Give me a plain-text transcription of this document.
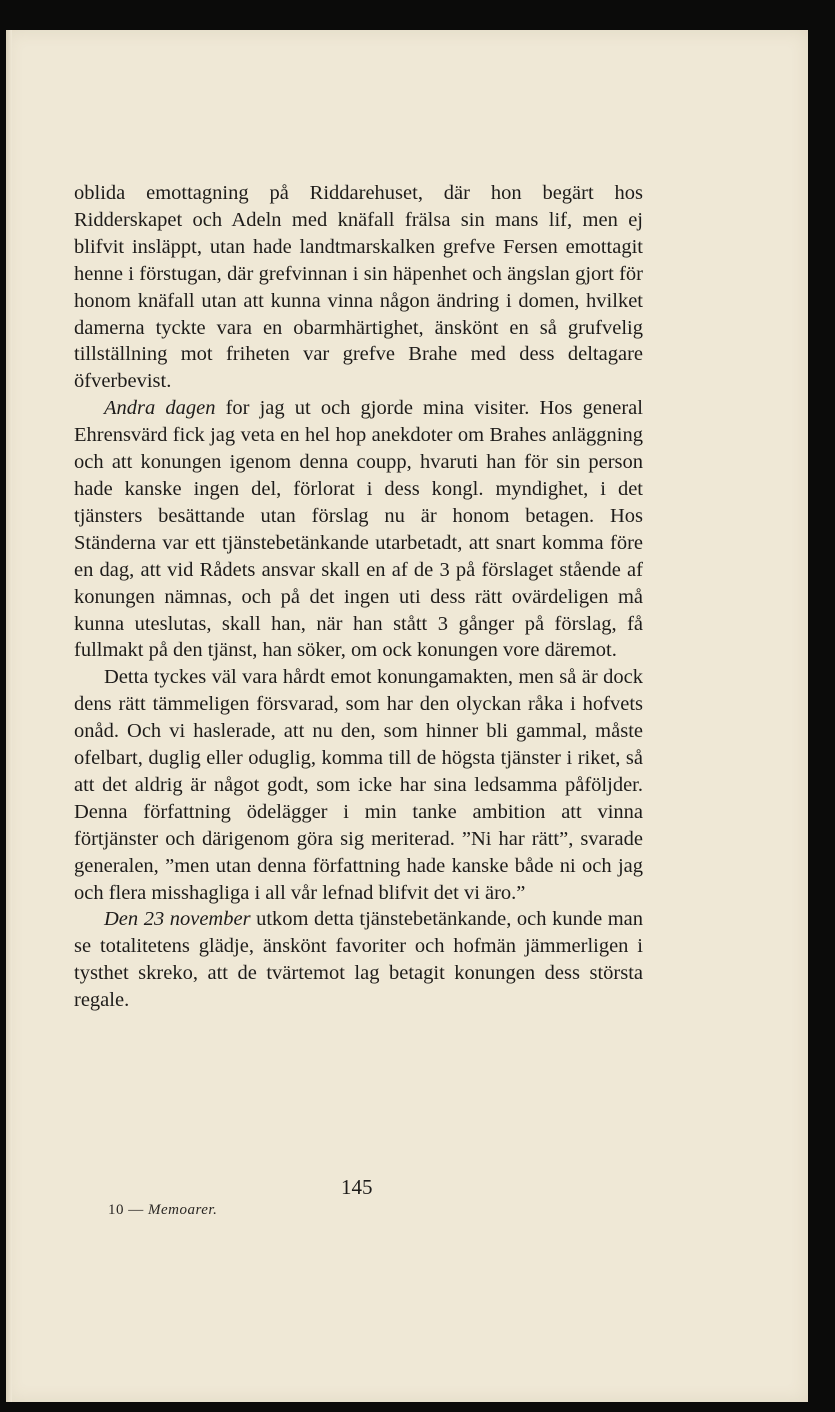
oblida emottagning på Riddarehuset, där hon begärt hos Ridderskapet och Adeln med knäfall frälsa sin mans lif, men ej blifvit insläppt, utan hade landtmarskalken grefve Fersen emottagit henne i förstugan, där grefvinnan i sin häpenhet och ängslan gjort för honom knäfall utan att kunna vinna någon ändring i domen, hvilket damerna tyckte vara en obarmhärtighet, änskönt en så grufvelig tillställning mot friheten var grefve Brahe med dess deltagare öfverbevist.

Andra dagen for jag ut och gjorde mina visiter. Hos general Ehrensvärd fick jag veta en hel hop anekdoter om Brahes anläggning och att konungen igenom denna coupp, hvaruti han för sin person hade kanske ingen del, förlorat i dess kongl. myndighet, i det tjänsters besättande utan förslag nu är honom betagen. Hos Ständerna var ett tjänstebetänkande utarbetadt, att snart komma före en dag, att vid Rådets ansvar skall en af de 3 på förslaget stående af konungen nämnas, och på det ingen uti dess rätt ovärdeligen må kunna uteslutas, skall han, när han stått 3 gånger på förslag, få fullmakt på den tjänst, han söker, om ock konungen vore däremot.

Detta tyckes väl vara hårdt emot konungamakten, men så är dock dens rätt tämmeligen försvarad, som har den olyckan råka i hofvets onåd. Och vi haslerade, att nu den, som hinner bli gammal, måste ofelbart, duglig eller oduglig, komma till de högsta tjänster i riket, så att det aldrig är något godt, som icke har sina ledsamma påföljder. Denna författning ödelägger i min tanke ambition att vinna förtjänster och därigenom göra sig meriterad. ”Ni har rätt”, svarade generalen, ”men utan denna författning hade kanske både ni och jag och flera misshagliga i all vår lefnad blifvit det vi äro.”

Den 23 november utkom detta tjänstebetänkande, och kunde man se totalitetens glädje, änskönt favoriter och hofmän jämmerligen i tysthet skreko, att de tvärtemot lag betagit konungen dess största regale.

145
10 — Memoarer.
